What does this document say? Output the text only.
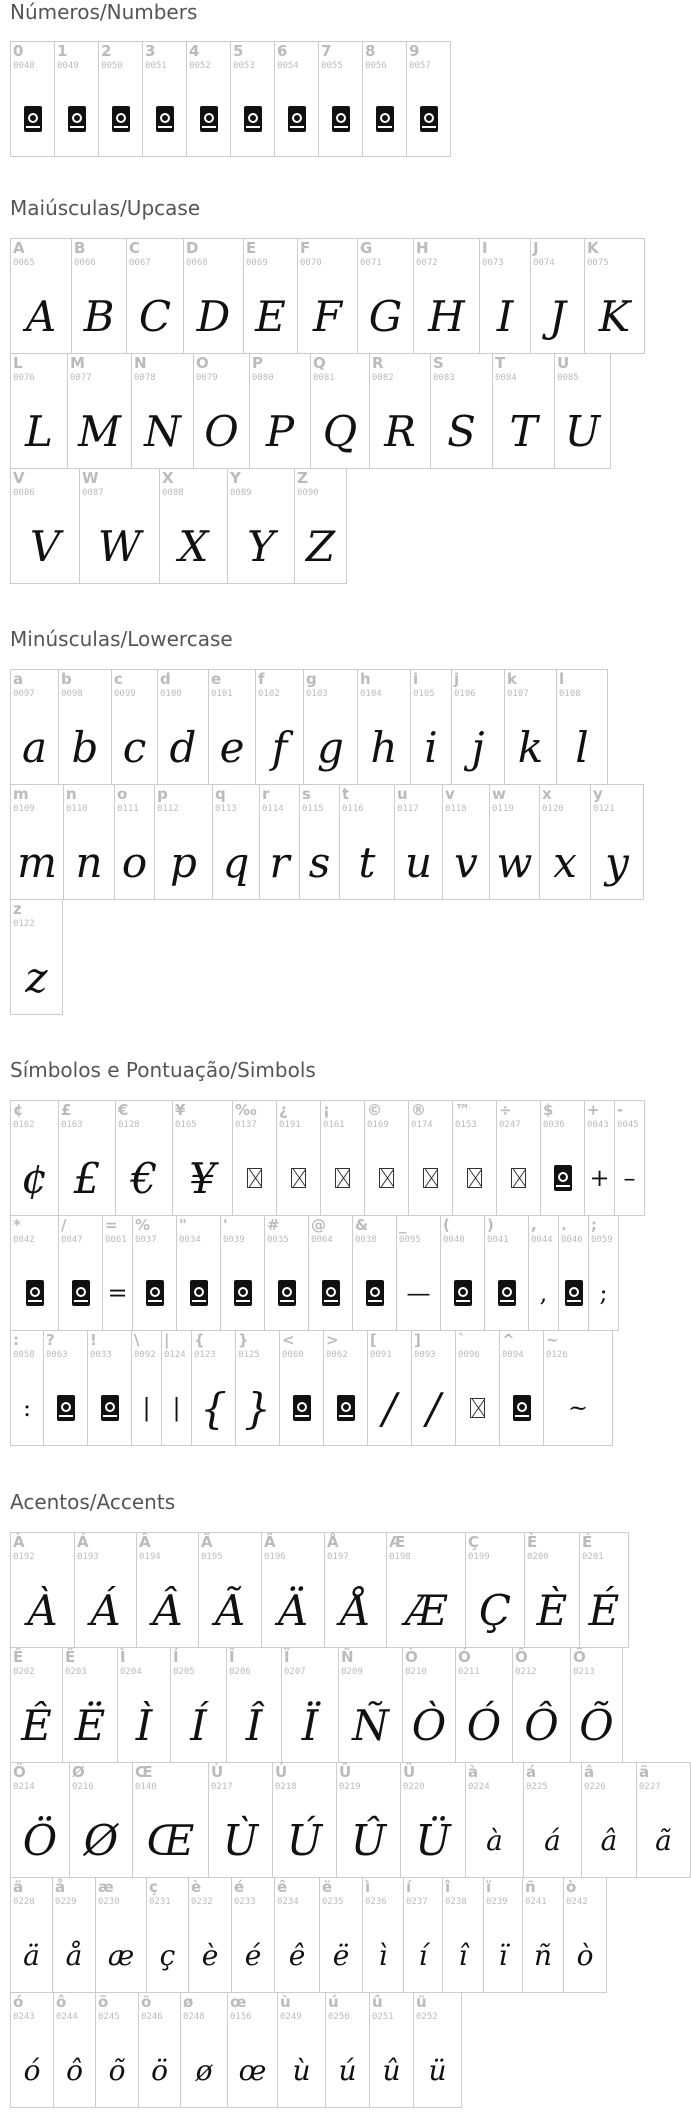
Números/Numbers
Maiúsculas/Upcase
Minúsculas/Lowercase
Símbolos e Pontuação/Simbols
Acentos/Accents
0
0048
1
0049
2
0050
3
0051
4
0052
5
0053
6
0054
7
0055
8
0056
9
0057
A
0065
A
B
0066
B
C
0067
C
D
0068
D
E
0069
E
F
0070
F
G
0071
G
H
0072
H
I
0073
I
J
0074
J
K
0075
K
L
0076
L
M
0077
M
N
0078
N
O
0079
O
P
0080
P
Q
0081
Q
R
0082
R
S
0083
S
T
0084
T
U
0085
U
V
0086
V
W
0087
W
X
0088
X
Y
0089
Y
Z
0090
Z
a
0097
a
b
0098
b
c
0099
c
d
0100
d
e
0101
e
f
0102
f
g
0103
g
h
0104
h
i
0105
i
j
0106
j
k
0107
k
l
0108
l
m
0109
m
n
0110
n
o
0111
o
p
0112
p
q
0113
q
r
0114
r
s
0115
s
t
0116
t
u
0117
u
v
0118
v
w
0119
w
x
0120
x
y
0121
y
z
0122
z
¢
0162
¢
£
0163
£
€
0128
€
¥
0165
¥
‰
0137
¿
0191
¡
0161
©
0169
®
0174
™
0153
÷
0247
$
0036
+
0043
+
-
0045
–
*
0042
/
0047
=
0061
=
%
0037
"
0034
'
0039
#
0035
@
0064
&
0038
_
0095
—
(
0040
)
0041
,
0044
,
.
0046
;
0059
;
:
0058
:
?
0063
!
0033
\
0092
|
|
0124
|
{
0123
{
}
0125
}
<
0060
>
0062
[
0091
/
]
0093
/
`
0096
^
0094
~
0126
~
À
0192
À
Á
0193
Á
Â
0194
Â
Ã
0195
Ã
Ä
0196
Ä
Å
0197
Å
Æ
0198
Æ
Ç
0199
Ç
È
0200
È
É
0201
É
Ê
0202
Ê
Ë
0203
Ë
Ì
0204
Ì
Í
0205
Í
Î
0206
Î
Ï
0207
Ï
Ñ
0209
Ñ
Ò
0210
Ò
Ó
0211
Ó
Ô
0212
Ô
Õ
0213
Õ
Ö
0214
Ö
Ø
0216
Ø
Œ
0140
Œ
Ù
0217
Ù
Ú
0218
Ú
Û
0219
Û
Ü
0220
Ü
à
0224
à
á
0225
á
â
0226
â
ã
0227
ã
ä
0228
ä
å
0229
å
æ
0230
æ
ç
0231
ç
è
0232
è
é
0233
é
ê
0234
ê
ë
0235
ë
ì
0236
ì
í
0237
í
î
0238
î
ï
0239
ï
ñ
0241
ñ
ò
0242
ò
ó
0243
ó
ô
0244
ô
õ
0245
õ
ö
0246
ö
ø
0248
ø
œ
0156
œ
ù
0249
ù
ú
0250
ú
û
0251
û
ü
0252
ü
